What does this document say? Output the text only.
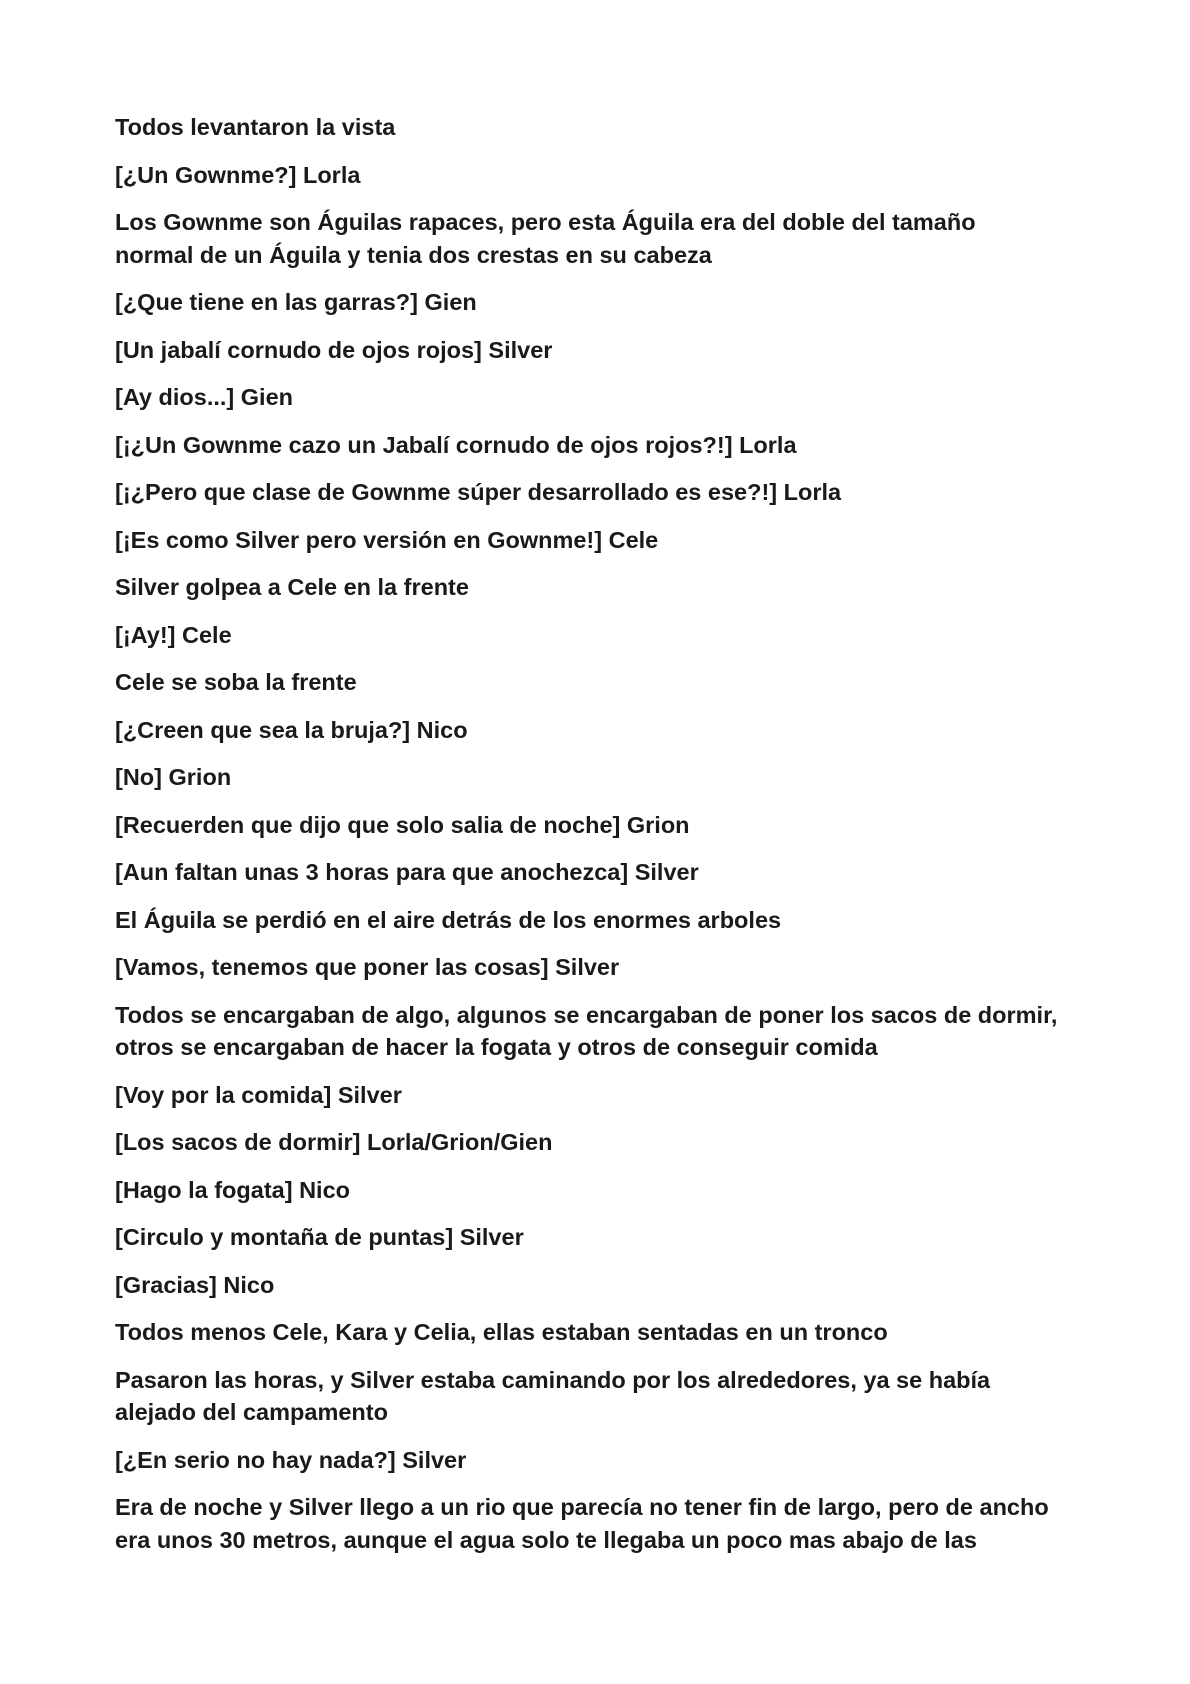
Todos levantaron la vista

[¿Un Gownme?] Lorla

Los Gownme son Águilas rapaces, pero esta Águila era del doble del tamaño
normal de un Águila y tenia dos crestas en su cabeza

[¿Que tiene en las garras?] Gien

[Un jabalí cornudo de ojos rojos] Silver

[Ay dios...] Gien

[¡¿Un Gownme cazo un Jabalí cornudo de ojos rojos?!] Lorla

[¡¿Pero que clase de Gownme súper desarrollado es ese?!] Lorla

[¡Es como Silver pero versión en Gownme!] Cele

Silver golpea a Cele en la frente

[¡Ay!] Cele

Cele se soba la frente

[¿Creen que sea la bruja?] Nico

[No] Grion

[Recuerden que dijo que solo salia de noche] Grion

[Aun faltan unas 3 horas para que anochezca] Silver

El Águila se perdió en el aire detrás de los enormes arboles

[Vamos, tenemos que poner las cosas] Silver

Todos se encargaban de algo, algunos se encargaban de poner los sacos de dormir,
otros se encargaban de hacer la fogata y otros de conseguir comida

[Voy por la comida] Silver

[Los sacos de dormir] Lorla/Grion/Gien

[Hago la fogata] Nico

[Circulo y montaña de puntas] Silver

[Gracias] Nico

Todos menos Cele, Kara y Celia, ellas estaban sentadas en un tronco

Pasaron las horas, y Silver estaba caminando por los alrededores, ya se había
alejado del campamento

[¿En serio no hay nada?] Silver

Era de noche y Silver llego a un rio que parecía no tener fin de largo, pero de ancho
era unos 30 metros, aunque el agua solo te llegaba un poco mas abajo de las
